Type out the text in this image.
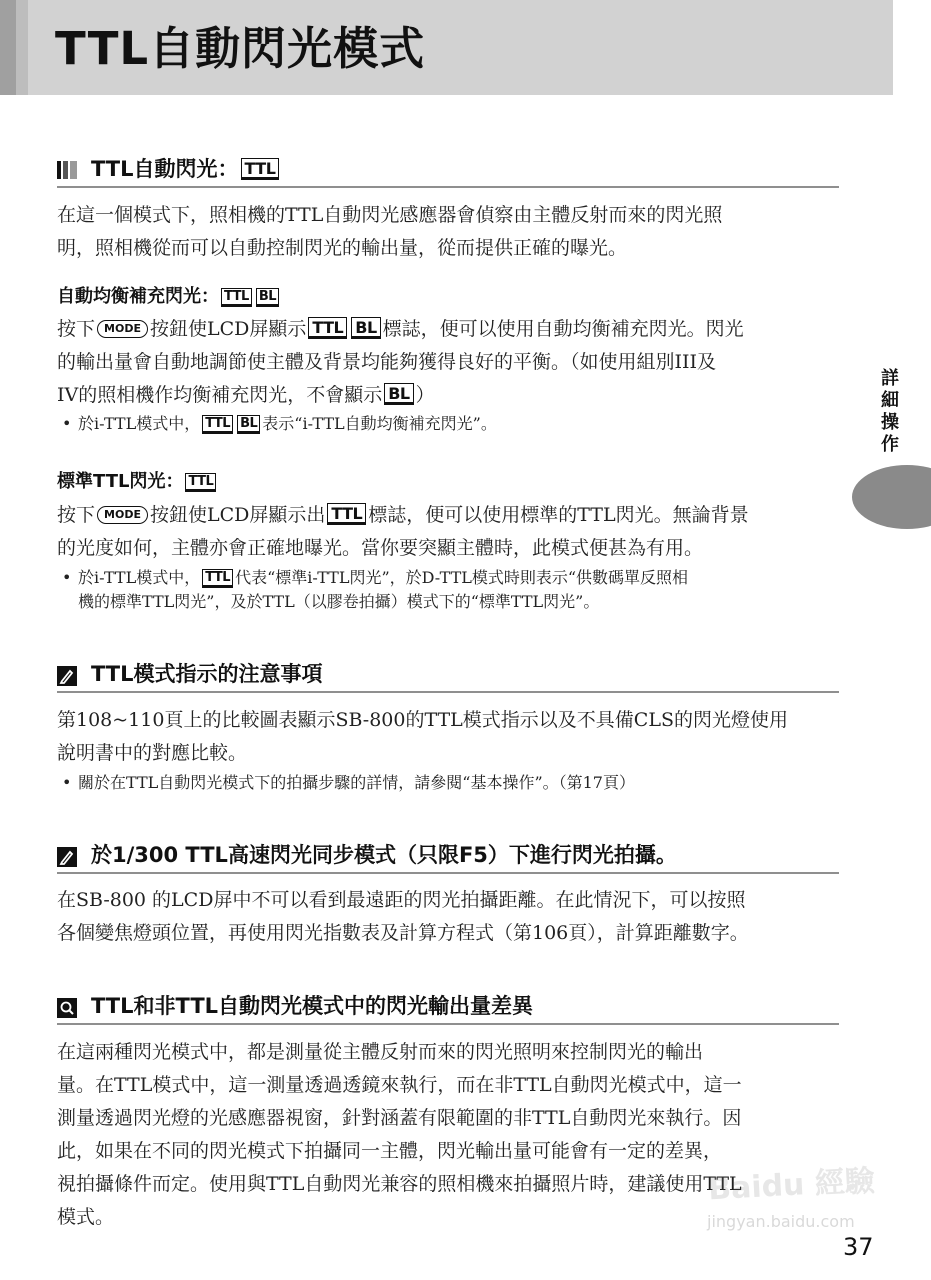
TTL自動閃光模式
TTL自動閃光： TTL
在這一個模式下，照相機的TTL自動閃光感應器會偵察由主體反射而來的閃光照
明，照相機從而可以自動控制閃光的輸出量，從而提供正確的曝光。
自動均衡補充閃光： TTL BL
按下 MODE 按鈕使LCD屏顯示 TTL BL 標誌，便可以使用自動均衡補充閃光。閃光
的輸出量會自動地調節使主體及背景均能夠獲得良好的平衡。（如使用組別III及
IV的照相機作均衡補充閃光，不會顯示 BL ）
• 於i-TTL模式中， TTL BL 表示“i-TTL自動均衡補充閃光”。
標準TTL閃光： TTL
按下 MODE 按鈕使LCD屏顯示出 TTL 標誌，便可以使用標準的TTL閃光。無論背景
的光度如何，主體亦會正確地曝光。當你要突顯主體時，此模式便甚為有用。
• 於i-TTL模式中， TTL 代表“標準i-TTL閃光”，於D-TTL模式時則表示“供數碼單反照相
機的標準TTL閃光”，及於TTL（以膠卷拍攝）模式下的“標準TTL閃光”。
TTL模式指示的注意事項
第108~110頁上的比較圖表顯示SB-800的TTL模式指示以及不具備CLS的閃光燈使用
說明書中的對應比較。
• 關於在TTL自動閃光模式下的拍攝步驟的詳情，請參閱“基本操作”。（第17頁）
於1/300 TTL高速閃光同步模式（只限F5）下進行閃光拍攝。
在SB-800 的LCD屏中不可以看到最遠距的閃光拍攝距離。在此情況下，可以按照
各個變焦燈頭位置，再使用閃光指數表及計算方程式（第106頁），計算距離數字。
TTL和非TTL自動閃光模式中的閃光輸出量差異
在這兩種閃光模式中，都是測量從主體反射而來的閃光照明來控制閃光的輸出
量。在TTL模式中，這一測量透過透鏡來執行，而在非TTL自動閃光模式中，這一
測量透過閃光燈的光感應器視窗，針對涵蓋有限範圍的非TTL自動閃光來執行。因
此，如果在不同的閃光模式下拍攝同一主體，閃光輸出量可能會有一定的差異，
視拍攝條件而定。使用與TTL自動閃光兼容的照相機來拍攝照片時，建議使用TTL
模式。
詳細操作
Baidu 經驗
jingyan.baidu.com
37
